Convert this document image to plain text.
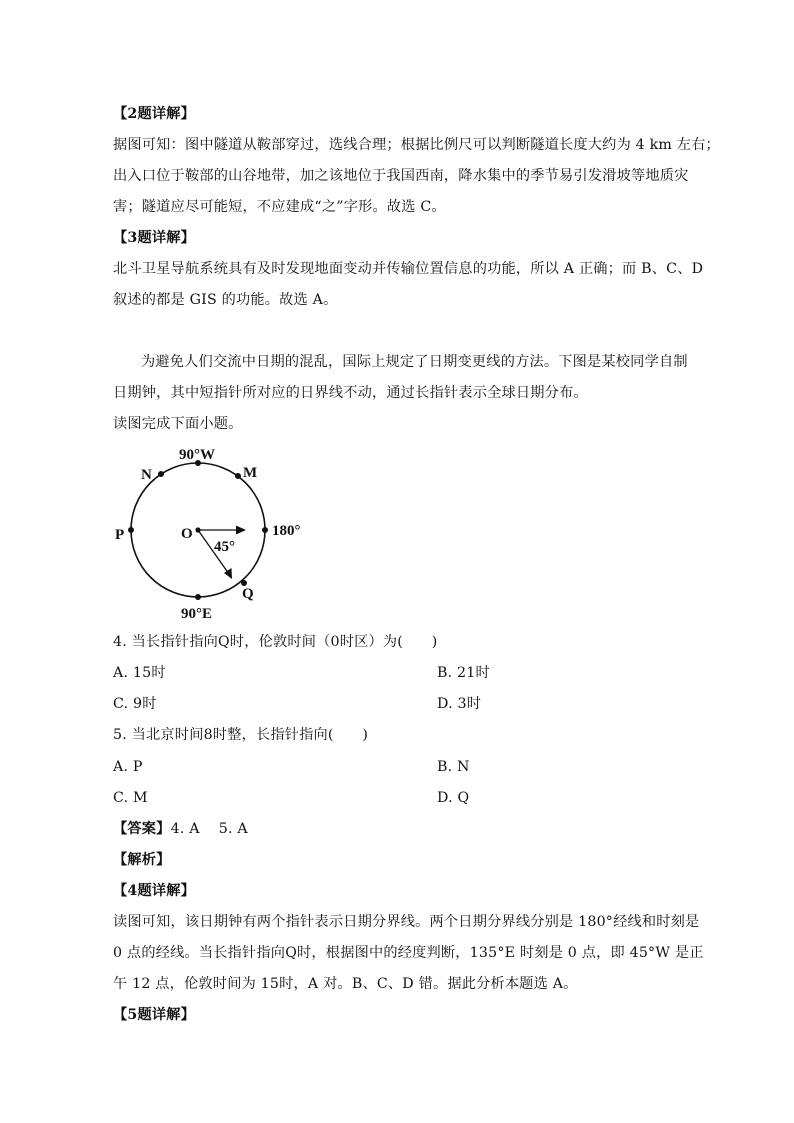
【2题详解】
据图可知：图中隧道从鞍部穿过，选线合理；根据比例尺可以判断隧道长度大约为 4 km 左右；
出入口位于鞍部的山谷地带，加之该地位于我国西南，降水集中的季节易引发滑坡等地质灾
害；隧道应尽可能短，不应建成“之”字形。故选 C。
【3题详解】
北斗卫星导航系统具有及时发现地面变动并传输位置信息的功能，所以 A 正确；而 B、C、D
叙述的都是 GIS 的功能。故选 A。
为避免人们交流中日期的混乱，国际上规定了日期变更线的方法。下图是某校同学自制
日期钟，其中短指针所对应的日界线不动，通过长指针表示全球日期分布。
读图完成下面小题。
90°W
90°E
180°
O
45°
N	M
P
Q
4. 当长指针指向Q时，伦敦时间（0时区）为(　　)
A. 15时	B. 21时
C. 9时	D. 3时
5. 当北京时间8时整，长指针指向(　　)
A. P	B. N
C. M	D. Q
【答案】4. A　 5. A
【解析】
【4题详解】
读图可知，该日期钟有两个指针表示日期分界线。两个日期分界线分别是 180°经线和时刻是
0 点的经线。当长指针指向Q时，根据图中的经度判断，135°E 时刻是 0 点，即 45°W 是正
午 12 点，伦敦时间为 15时，A 对。B、C、D 错。据此分析本题选 A。
【5题详解】
